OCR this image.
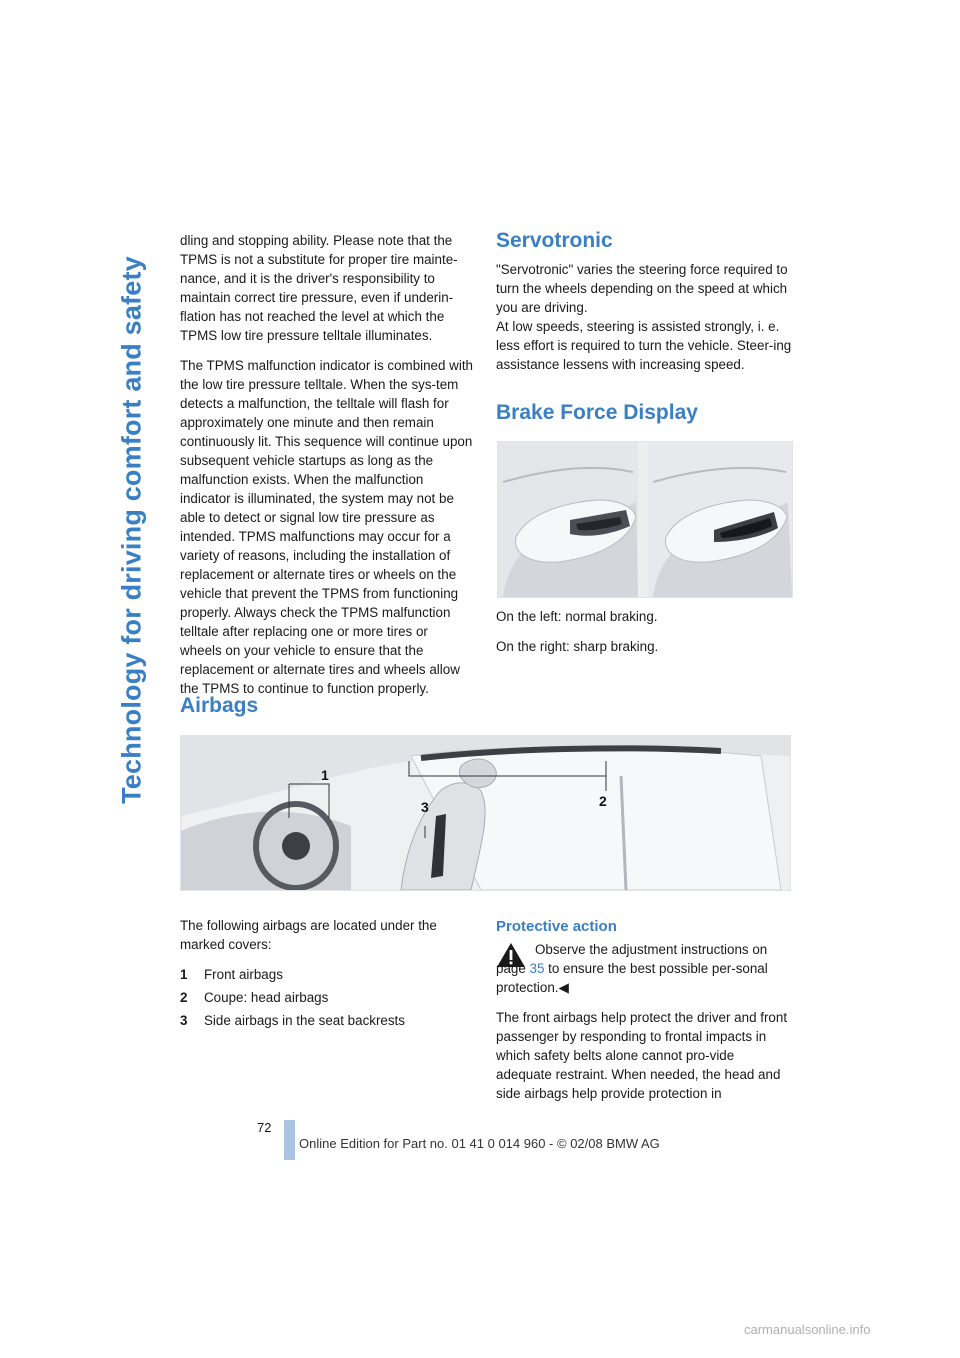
Technology for driving comfort and safety

dling and stopping ability. Please note that the TPMS is not a substitute for proper tire mainte-nance, and it is the driver's responsibility to maintain correct tire pressure, even if underin-flation has not reached the level at which the TPMS low tire pressure telltale illuminates.

The TPMS malfunction indicator is combined with the low tire pressure telltale. When the sys-tem detects a malfunction, the telltale will flash for approximately one minute and then remain continuously lit. This sequence will continue upon subsequent vehicle startups as long as the malfunction exists. When the malfunction indicator is illuminated, the system may not be able to detect or signal low tire pressure as intended. TPMS malfunctions may occur for a variety of reasons, including the installation of replacement or alternate tires or wheels on the vehicle that prevent the TPMS from functioning properly. Always check the TPMS malfunction telltale after replacing one or more tires or wheels on your vehicle to ensure that the replacement or alternate tires and wheels allow the TPMS to continue to function properly.

Servotronic

"Servotronic" varies the steering force required to turn the wheels depending on the speed at which you are driving.

At low speeds, steering is assisted strongly, i. e. less effort is required to turn the vehicle. Steer-ing assistance lessens with increasing speed.

Brake Force Display

On the left: normal braking.

On the right: sharp braking.

Airbags
1
2
3

The following airbags are located under the marked covers:

1	Front airbags
2	Coupe: head airbags
3	Side airbags in the seat backrests
Protective action

Observe the adjustment instructions on page 35 to ensure the best possible per-sonal protection.◀

The front airbags help protect the driver and front passenger by responding to frontal impacts in which safety belts alone cannot pro-vide adequate restraint. When needed, the head and side airbags help provide protection in

72
Online Edition for Part no. 01 41 0 014 960 - © 02/08 BMW AG
carmanualsonline.info
